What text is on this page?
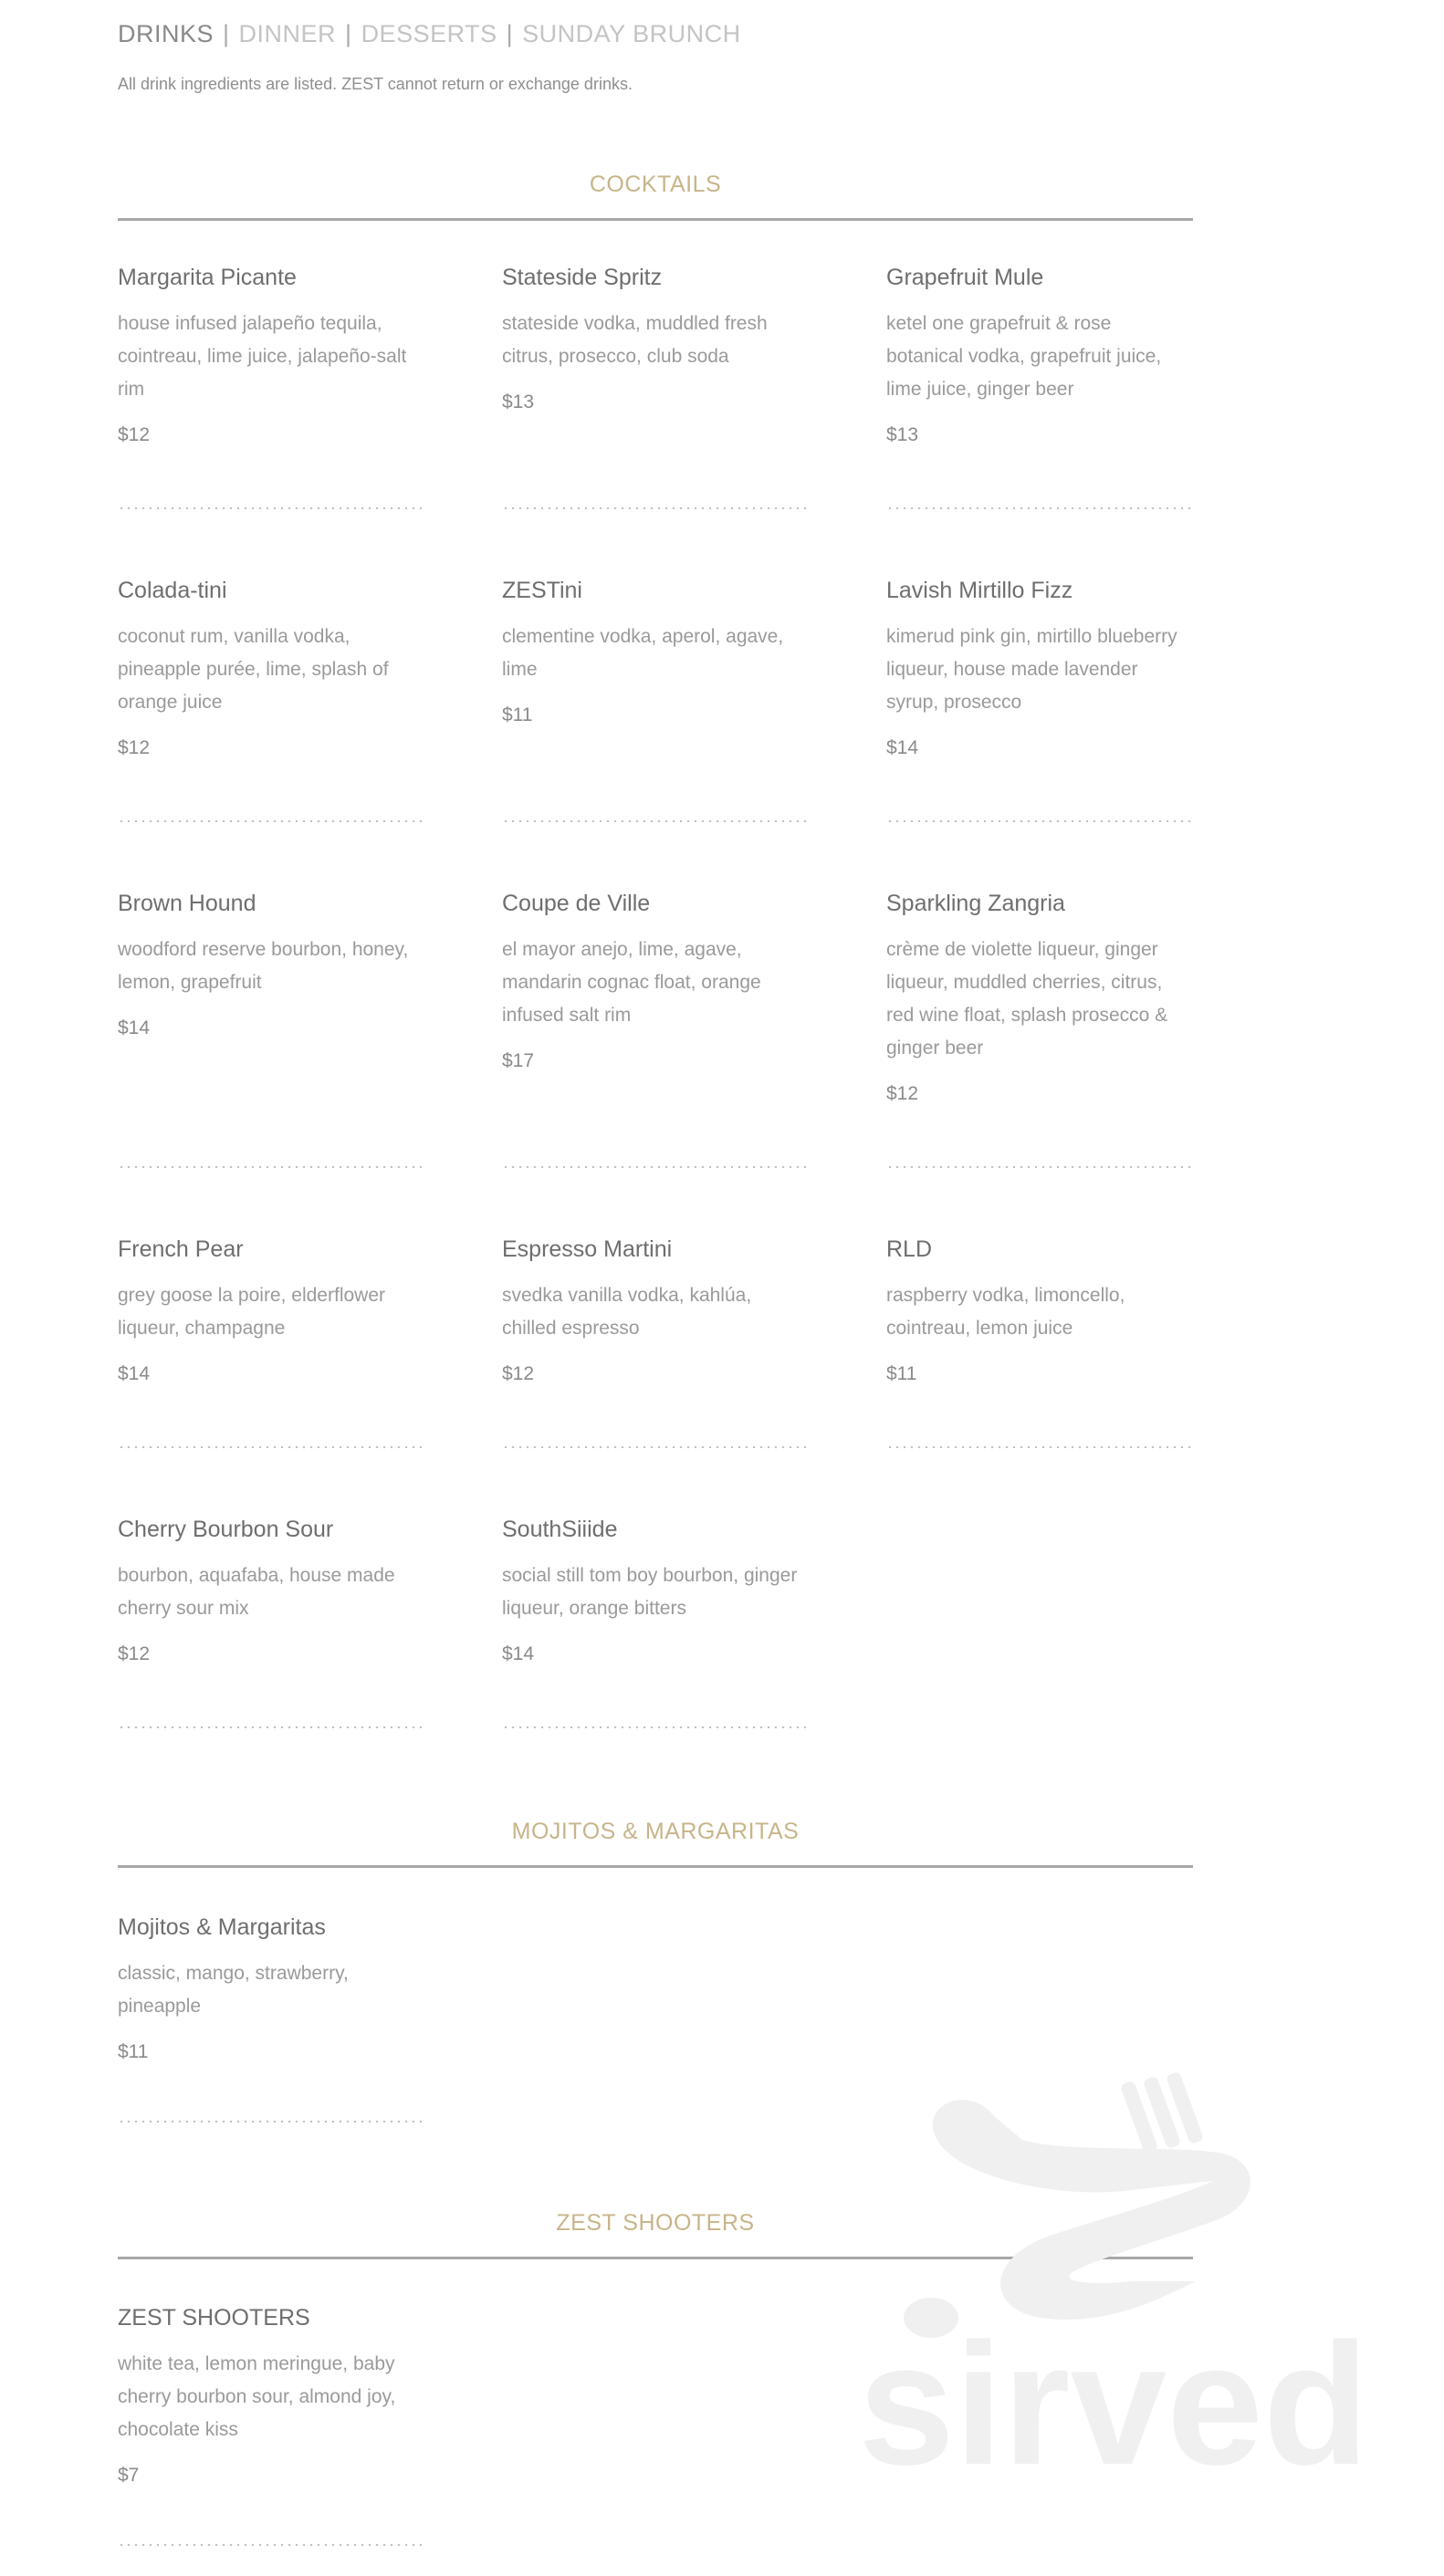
DRINKS | DINNER | DESSERTS | SUNDAY BRUNCH
All drink ingredients are listed. ZEST cannot return or exchange drinks.
COCKTAILS
Margarita Picante
house infused jalapeño tequila, cointreau, lime juice, jalapeño-salt rim
$12
Stateside Spritz
stateside vodka, muddled fresh citrus, prosecco, club soda
$13
Grapefruit Mule
ketel one grapefruit & rose botanical vodka, grapefruit juice, lime juice, ginger beer
$13
Colada-tini
coconut rum, vanilla vodka, pineapple purée, lime, splash of orange juice
$12
ZESTini
clementine vodka, aperol, agave, lime
$11
Lavish Mirtillo Fizz
kimerud pink gin, mirtillo blueberry liqueur, house made lavender syrup, prosecco
$14
Brown Hound
woodford reserve bourbon, honey, lemon, grapefruit
$14
Coupe de Ville
el mayor anejo, lime, agave, mandarin cognac float, orange infused salt rim
$17
Sparkling Zangria
crème de violette liqueur, ginger liqueur, muddled cherries, citrus, red wine float, splash prosecco & ginger beer
$12
French Pear
grey goose la poire, elderflower liqueur, champagne
$14
Espresso Martini
svedka vanilla vodka, kahlúa, chilled espresso
$12
RLD
raspberry vodka, limoncello, cointreau, lemon juice
$11
Cherry Bourbon Sour
bourbon, aquafaba, house made cherry sour mix
$12
SouthSiiide
social still tom boy bourbon, ginger liqueur, orange bitters
$14
MOJITOS & MARGARITAS
Mojitos & Margaritas
classic, mango, strawberry, pineapple
$11
ZEST SHOOTERS
ZEST SHOOTERS
white tea, lemon meringue, baby cherry bourbon sour, almond joy, chocolate kiss
$7	sirved
